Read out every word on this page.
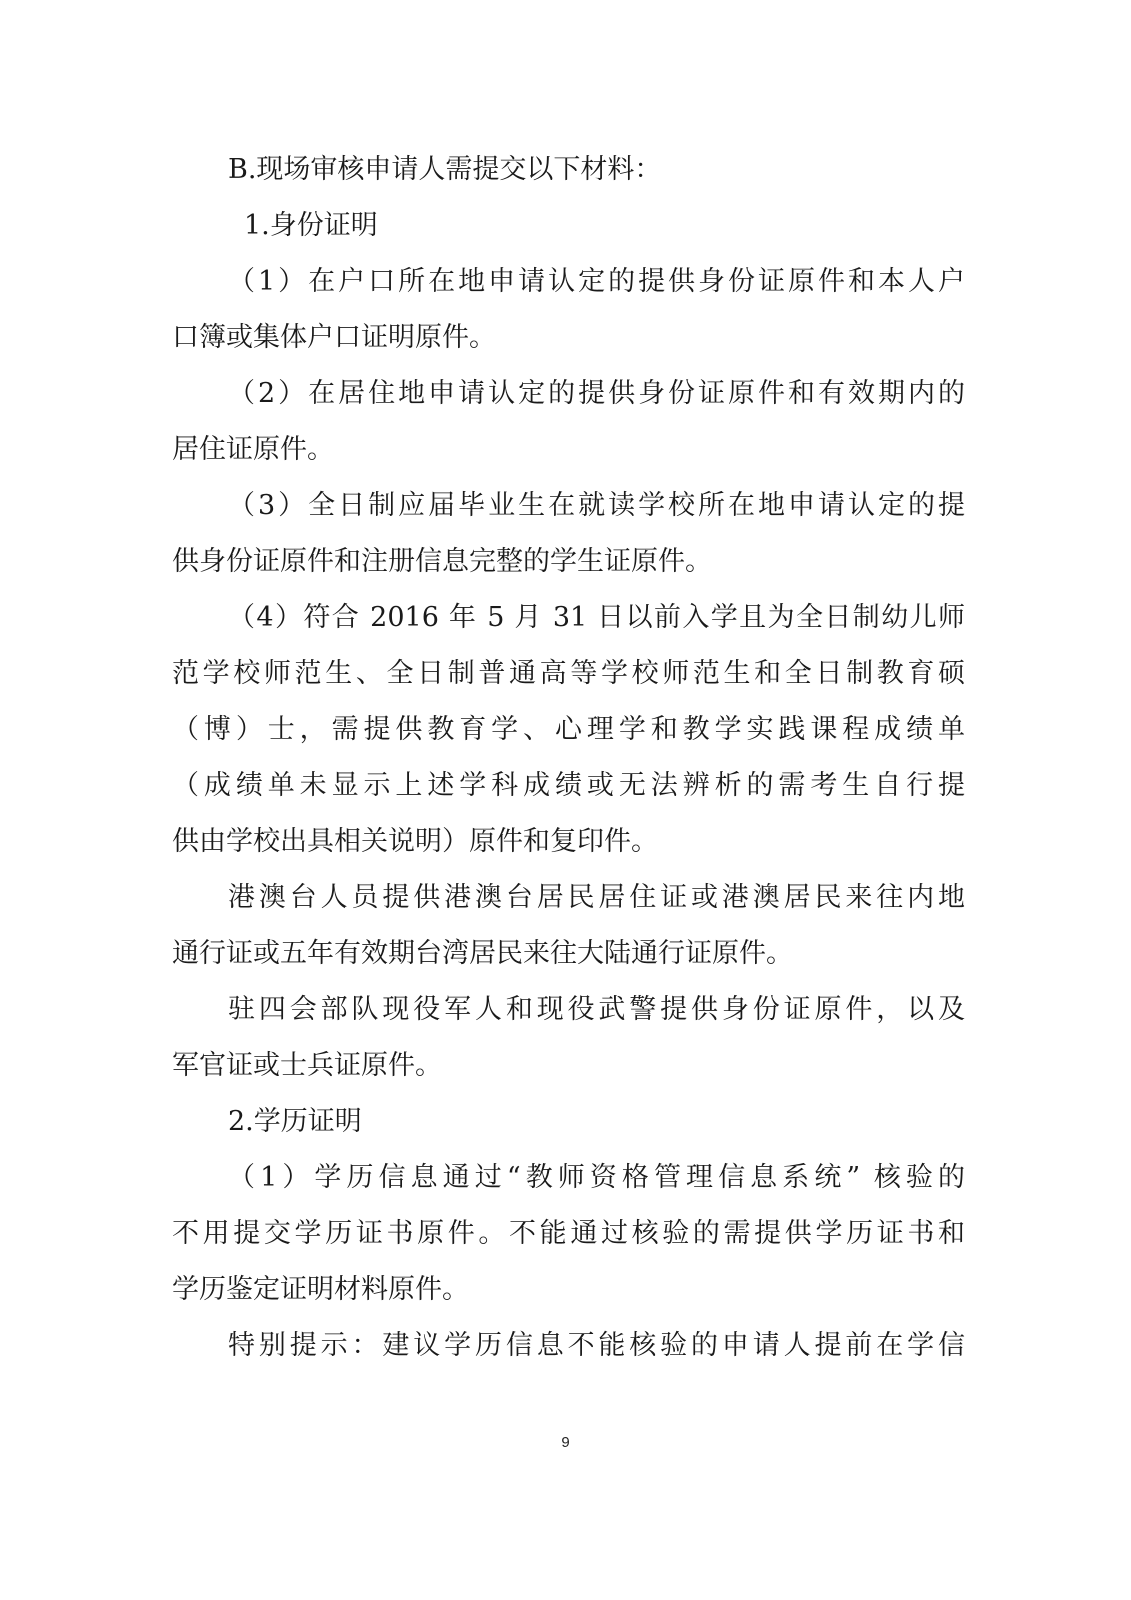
B.现场审核申请人需提交以下材料：
1.身份证明
（1）在户口所在地申请认定的提供身份证原件和本人户
口簿或集体户口证明原件。
（2）在居住地申请认定的提供身份证原件和有效期内的
居住证原件。
（3）全日制应届毕业生在就读学校所在地申请认定的提
供身份证原件和注册信息完整的学生证原件。
（4）符合 2016 年 5 月 31 日以前入学且为全日制幼儿师
范学校师范生、全日制普通高等学校师范生和全日制教育硕
（博）士，需提供教育学、心理学和教学实践课程成绩单
（成绩单未显示上述学科成绩或无法辨析的需考生自行提
供由学校出具相关说明）原件和复印件。
港澳台人员提供港澳台居民居住证或港澳居民来往内地
通行证或五年有效期台湾居民来往大陆通行证原件。
驻四会部队现役军人和现役武警提供身份证原件，以及
军官证或士兵证原件。
2.学历证明
（1）学历信息通过“教师资格管理信息系统” 核验的
不用提交学历证书原件。不能通过核验的需提供学历证书和
学历鉴定证明材料原件。
特别提示：建议学历信息不能核验的申请人提前在学信
9
